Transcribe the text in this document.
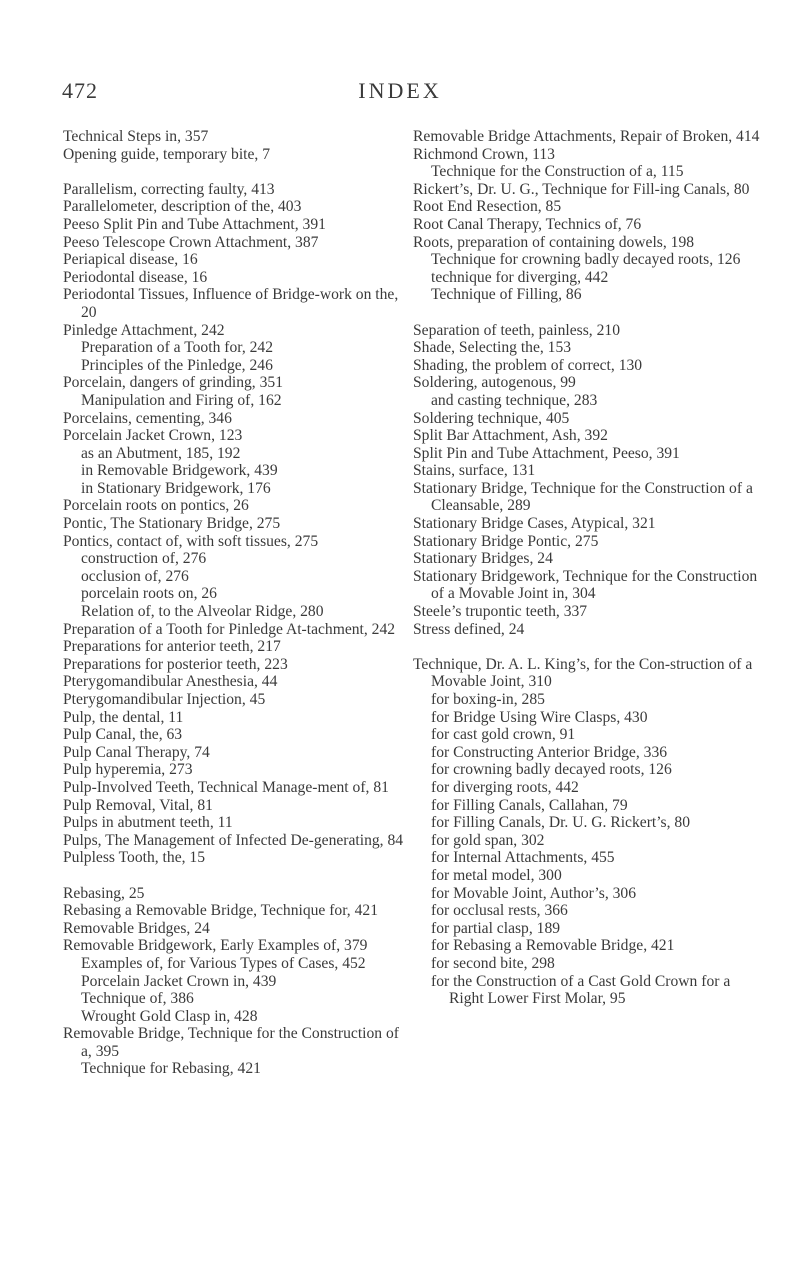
472	INDEX
Technical Steps in, 357
Opening guide, temporary bite, 7
Parallelism, correcting faulty, 413
Parallelometer, description of the, 403
Peeso Split Pin and Tube Attachment, 391
Peeso Telescope Crown Attachment, 387
Periapical disease, 16
Periodontal disease, 16
Periodontal Tissues, Influence of Bridge-work on the, 20
Pinledge Attachment, 242
Preparation of a Tooth for, 242
Principles of the Pinledge, 246
Porcelain, dangers of grinding, 351
Manipulation and Firing of, 162
Porcelains, cementing, 346
Porcelain Jacket Crown, 123
as an Abutment, 185, 192
in Removable Bridgework, 439
in Stationary Bridgework, 176
Porcelain roots on pontics, 26
Pontic, The Stationary Bridge, 275
Pontics, contact of, with soft tissues, 275
construction of, 276
occlusion of, 276
porcelain roots on, 26
Relation of, to the Alveolar Ridge, 280
Preparation of a Tooth for Pinledge At-tachment, 242
Preparations for anterior teeth, 217
Preparations for posterior teeth, 223
Pterygomandibular Anesthesia, 44
Pterygomandibular Injection, 45
Pulp, the dental, 11
Pulp Canal, the, 63
Pulp Canal Therapy, 74
Pulp hyperemia, 273
Pulp-Involved Teeth, Technical Manage-ment of, 81
Pulp Removal, Vital, 81
Pulps in abutment teeth, 11
Pulps, The Management of Infected De-generating, 84
Pulpless Tooth, the, 15
Rebasing, 25
Rebasing a Removable Bridge, Technique for, 421
Removable Bridges, 24
Removable Bridgework, Early Examples of, 379
Examples of, for Various Types of Cases, 452
Porcelain Jacket Crown in, 439
Technique of, 386
Wrought Gold Clasp in, 428
Removable Bridge, Technique for the Construction of a, 395
Technique for Rebasing, 421
Removable Bridge Attachments, Repair of Broken, 414
Richmond Crown, 113
Technique for the Construction of a, 115
Rickert’s, Dr. U. G., Technique for Fill-ing Canals, 80
Root End Resection, 85
Root Canal Therapy, Technics of, 76
Roots, preparation of containing dowels, 198
Technique for crowning badly decayed roots, 126
technique for diverging, 442
Technique of Filling, 86
Separation of teeth, painless, 210
Shade, Selecting the, 153
Shading, the problem of correct, 130
Soldering, autogenous, 99
and casting technique, 283
Soldering technique, 405
Split Bar Attachment, Ash, 392
Split Pin and Tube Attachment, Peeso, 391
Stains, surface, 131
Stationary Bridge, Technique for the Construction of a Cleansable, 289
Stationary Bridge Cases, Atypical, 321
Stationary Bridge Pontic, 275
Stationary Bridges, 24
Stationary Bridgework, Technique for the Construction of a Movable Joint in, 304
Steele’s trupontic teeth, 337
Stress defined, 24
Technique, Dr. A. L. King’s, for the Con-struction of a Movable Joint, 310
for boxing-in, 285
for Bridge Using Wire Clasps, 430
for cast gold crown, 91
for Constructing Anterior Bridge, 336
for crowning badly decayed roots, 126
for diverging roots, 442
for Filling Canals, Callahan, 79
for Filling Canals, Dr. U. G. Rickert’s, 80
for gold span, 302
for Internal Attachments, 455
for metal model, 300
for Movable Joint, Author’s, 306
for occlusal rests, 366
for partial clasp, 189
for Rebasing a Removable Bridge, 421
for second bite, 298
for the Construction of a Cast Gold Crown for a Right Lower First Molar, 95
